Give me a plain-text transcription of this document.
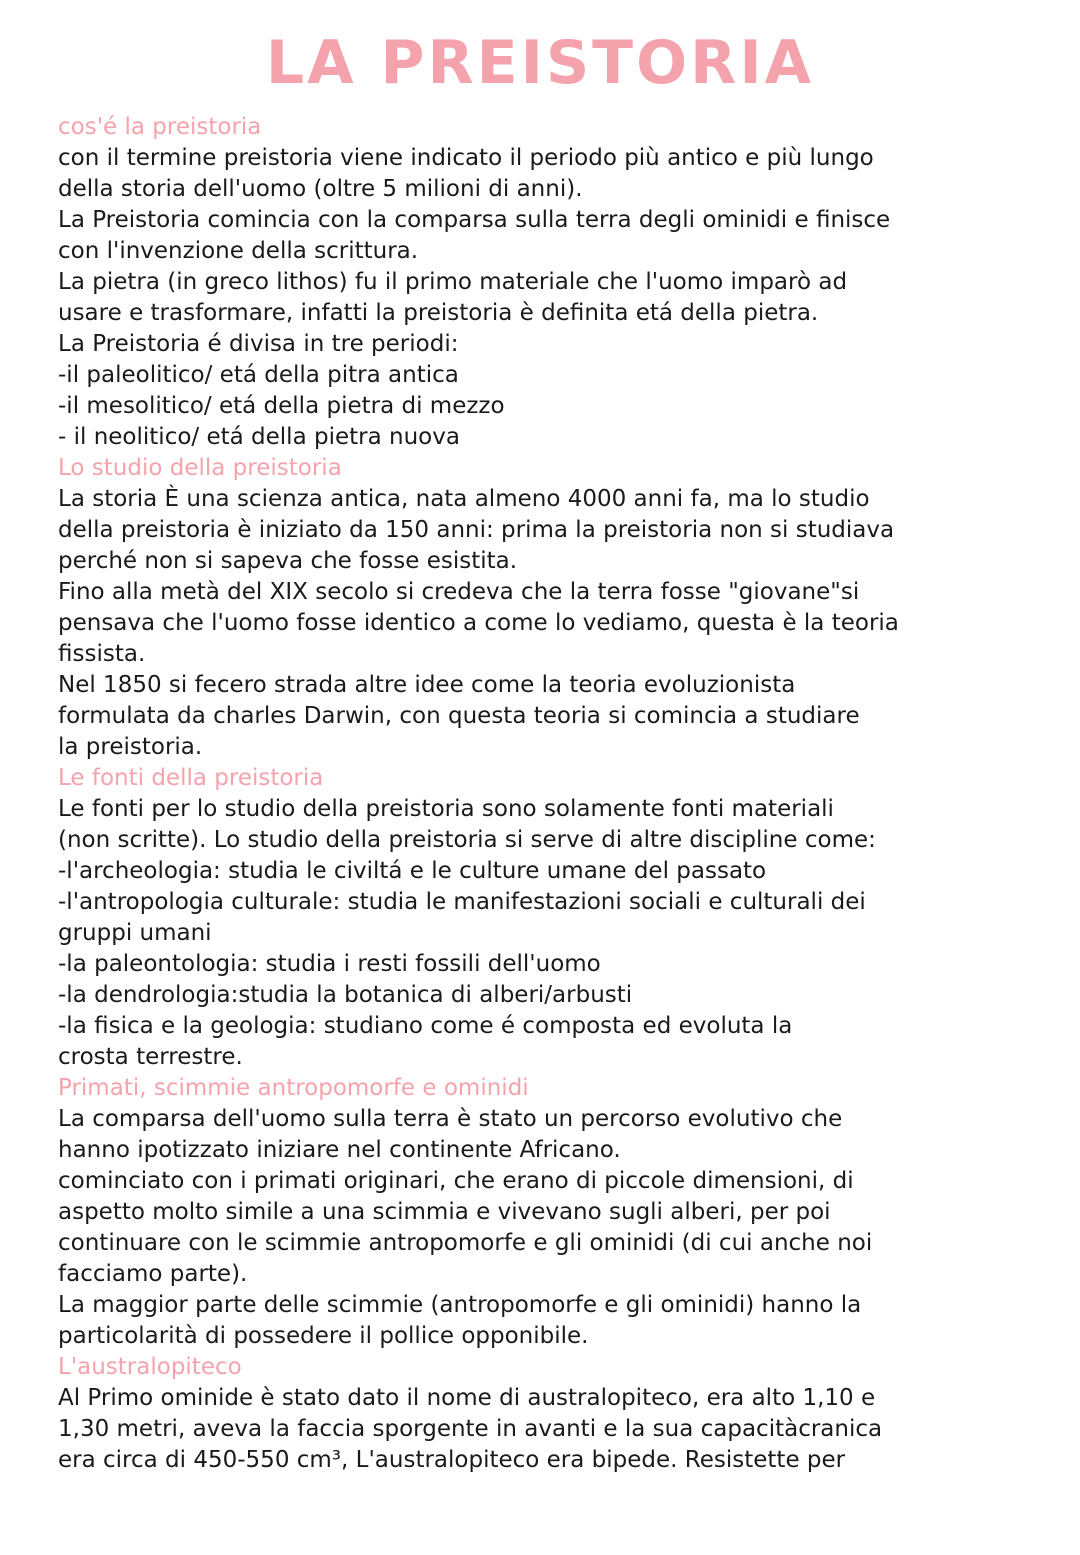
LA PREISTORIA

cos'é la preistoria

con il termine preistoria viene indicato il periodo più antico e più lungo

della storia dell'uomo (oltre 5 milioni di anni).

La Preistoria comincia con la comparsa sulla terra degli ominidi e finisce

con l'invenzione della scrittura.

La pietra (in greco lithos) fu il primo materiale che l'uomo imparò ad

usare e trasformare, infatti la preistoria è definita etá della pietra.

La Preistoria é divisa in tre periodi:

-il paleolitico/ etá della pitra antica

-il mesolitico/ etá della pietra di mezzo

- il neolitico/ etá della pietra nuova

Lo studio della preistoria

La storia È una scienza antica, nata almeno 4000 anni fa, ma lo studio

della preistoria è iniziato da 150 anni: prima la preistoria non si studiava

perché non si sapeva che fosse esistita.

Fino alla metà del XIX secolo si credeva che la terra fosse "giovane"si

pensava che l'uomo fosse identico a come lo vediamo, questa è la teoria

fissista.

Nel 1850 si fecero strada altre idee come la teoria evoluzionista

formulata da charles Darwin, con questa teoria si comincia a studiare

la preistoria.

Le fonti della preistoria

Le fonti per lo studio della preistoria sono solamente fonti materiali

(non scritte). Lo studio della preistoria si serve di altre discipline come:

-l'archeologia: studia le civiltá e le culture umane del passato

-l'antropologia culturale: studia le manifestazioni sociali e culturali dei

gruppi umani

-la paleontologia: studia i resti fossili dell'uomo

-la dendrologia:studia la botanica di alberi/arbusti

-la fisica e la geologia: studiano come é composta ed evoluta la

crosta terrestre.

Primati, scimmie antropomorfe e ominidi

La comparsa dell'uomo sulla terra è stato un percorso evolutivo che

hanno ipotizzato iniziare nel continente Africano.

cominciato con i primati originari, che erano di piccole dimensioni, di

aspetto molto simile a una scimmia e vivevano sugli alberi, per poi

continuare con le scimmie antropomorfe e gli ominidi (di cui anche noi

facciamo parte).

La maggior parte delle scimmie (antropomorfe e gli ominidi) hanno la

particolarità di possedere il pollice opponibile.

L'australopiteco

Al Primo ominide è stato dato il nome di australopiteco, era alto 1,10 e

1,30 metri, aveva la faccia sporgente in avanti e la sua capacitàcranica

era circa di 450-550 cm³, L'australopiteco era bipede. Resistette per
